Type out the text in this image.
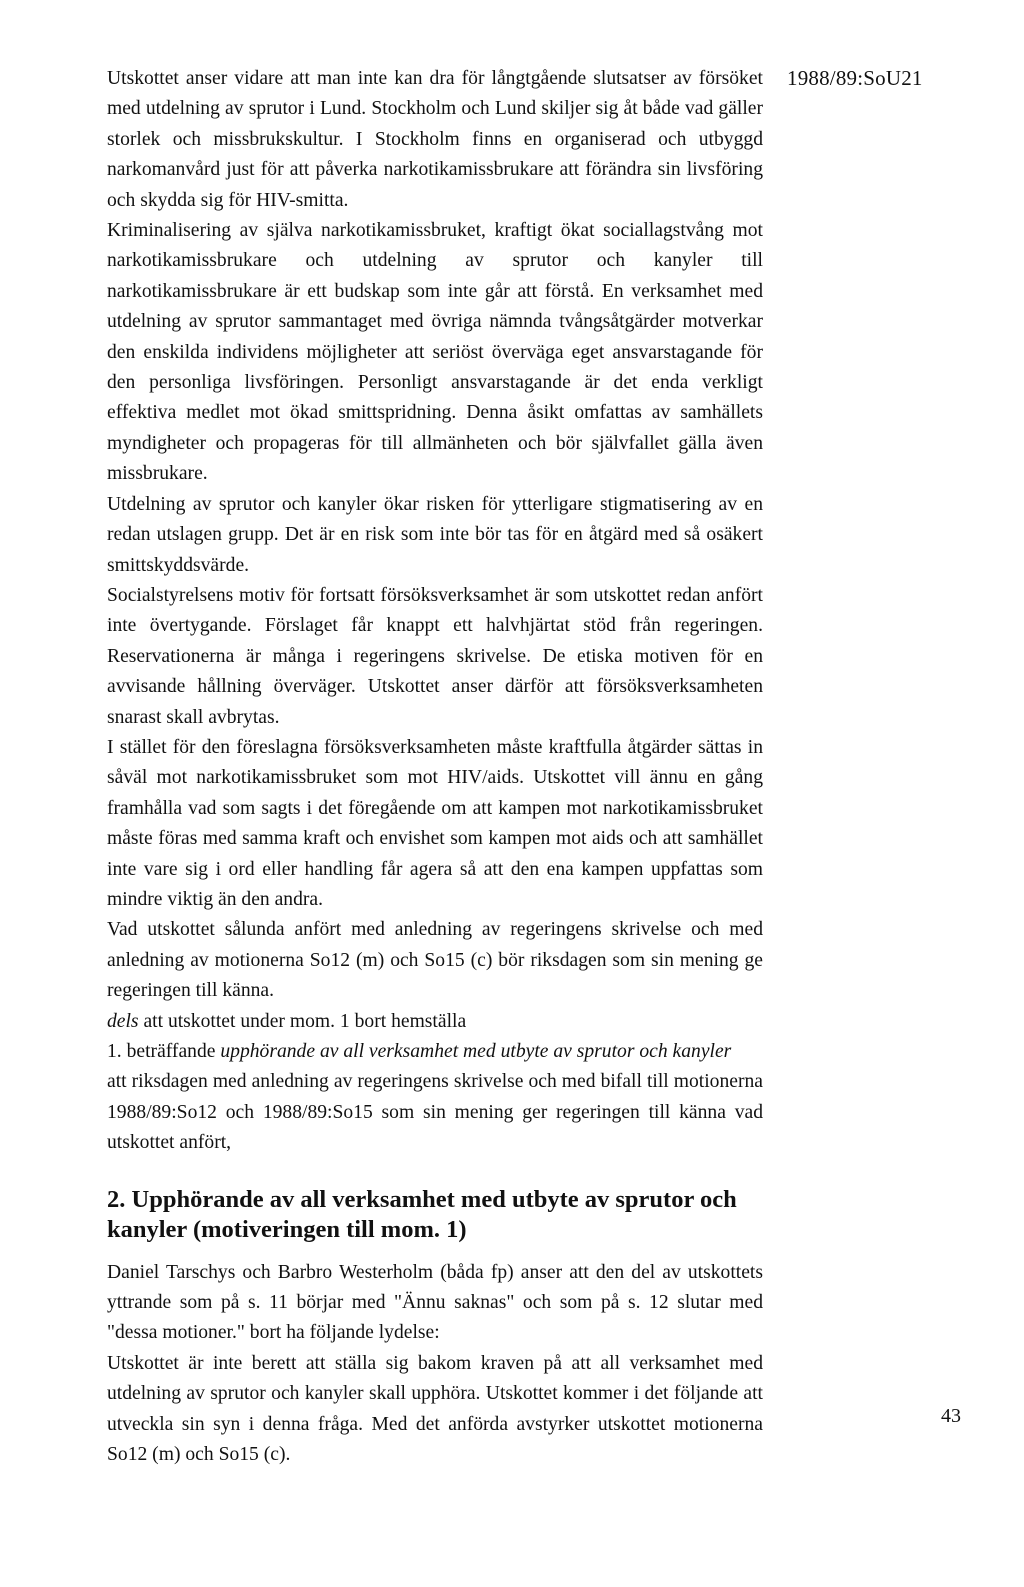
1988/89:SoU21

Utskottet anser vidare att man inte kan dra för långtgående slutsatser av försöket med utdelning av sprutor i Lund. Stockholm och Lund skiljer sig åt både vad gäller storlek och missbrukskultur. I Stockholm finns en organiserad och utbyggd narkomanvård just för att påverka narkotikamissbrukare att förändra sin livsföring och skydda sig för HIV-smitta.

Kriminalisering av själva narkotikamissbruket, kraftigt ökat sociallagstvång mot narkotikamissbrukare och utdelning av sprutor och kanyler till narkotikamissbrukare är ett budskap som inte går att förstå. En verksamhet med utdelning av sprutor sammantaget med övriga nämnda tvångsåtgärder motverkar den enskilda individens möjligheter att seriöst överväga eget ansvarstagande för den personliga livsföringen. Personligt ansvarstagande är det enda verkligt effektiva medlet mot ökad smittspridning. Denna åsikt omfattas av samhällets myndigheter och propageras för till allmänheten och bör självfallet gälla även missbrukare.

Utdelning av sprutor och kanyler ökar risken för ytterligare stigmatisering av en redan utslagen grupp. Det är en risk som inte bör tas för en åtgärd med så osäkert smittskyddsvärde.

Socialstyrelsens motiv för fortsatt försöksverksamhet är som utskottet redan anfört inte övertygande. Förslaget får knappt ett halvhjärtat stöd från regeringen. Reservationerna är många i regeringens skrivelse. De etiska motiven för en avvisande hållning överväger. Utskottet anser därför att försöksverksamheten snarast skall avbrytas.

I stället för den föreslagna försöksverksamheten måste kraftfulla åtgärder sättas in såväl mot narkotikamissbruket som mot HIV/aids. Utskottet vill ännu en gång framhålla vad som sagts i det föregående om att kampen mot narkotikamissbruket måste föras med samma kraft och envishet som kampen mot aids och att samhället inte vare sig i ord eller handling får agera så att den ena kampen uppfattas som mindre viktig än den andra.

Vad utskottet sålunda anfört med anledning av regeringens skrivelse och med anledning av motionerna So12 (m) och So15 (c) bör riksdagen som sin mening ge regeringen till känna.

dels att utskottet under mom. 1 bort hemställa

1. beträffande upphörande av all verksamhet med utbyte av sprutor och kanyler

att riksdagen med anledning av regeringens skrivelse och med bifall till motionerna 1988/89:So12 och 1988/89:So15 som sin mening ger regeringen till känna vad utskottet anfört,

2. Upphörande av all verksamhet med utbyte av sprutor och kanyler (motiveringen till mom. 1)

Daniel Tarschys och Barbro Westerholm (båda fp) anser att den del av utskottets yttrande som på s. 11 börjar med "Ännu saknas" och som på s. 12 slutar med "dessa motioner." bort ha följande lydelse:

Utskottet är inte berett att ställa sig bakom kraven på att all verksamhet med utdelning av sprutor och kanyler skall upphöra. Utskottet kommer i det följande att utveckla sin syn i denna fråga. Med det anförda avstyrker utskottet motionerna So12 (m) och So15 (c).

43
